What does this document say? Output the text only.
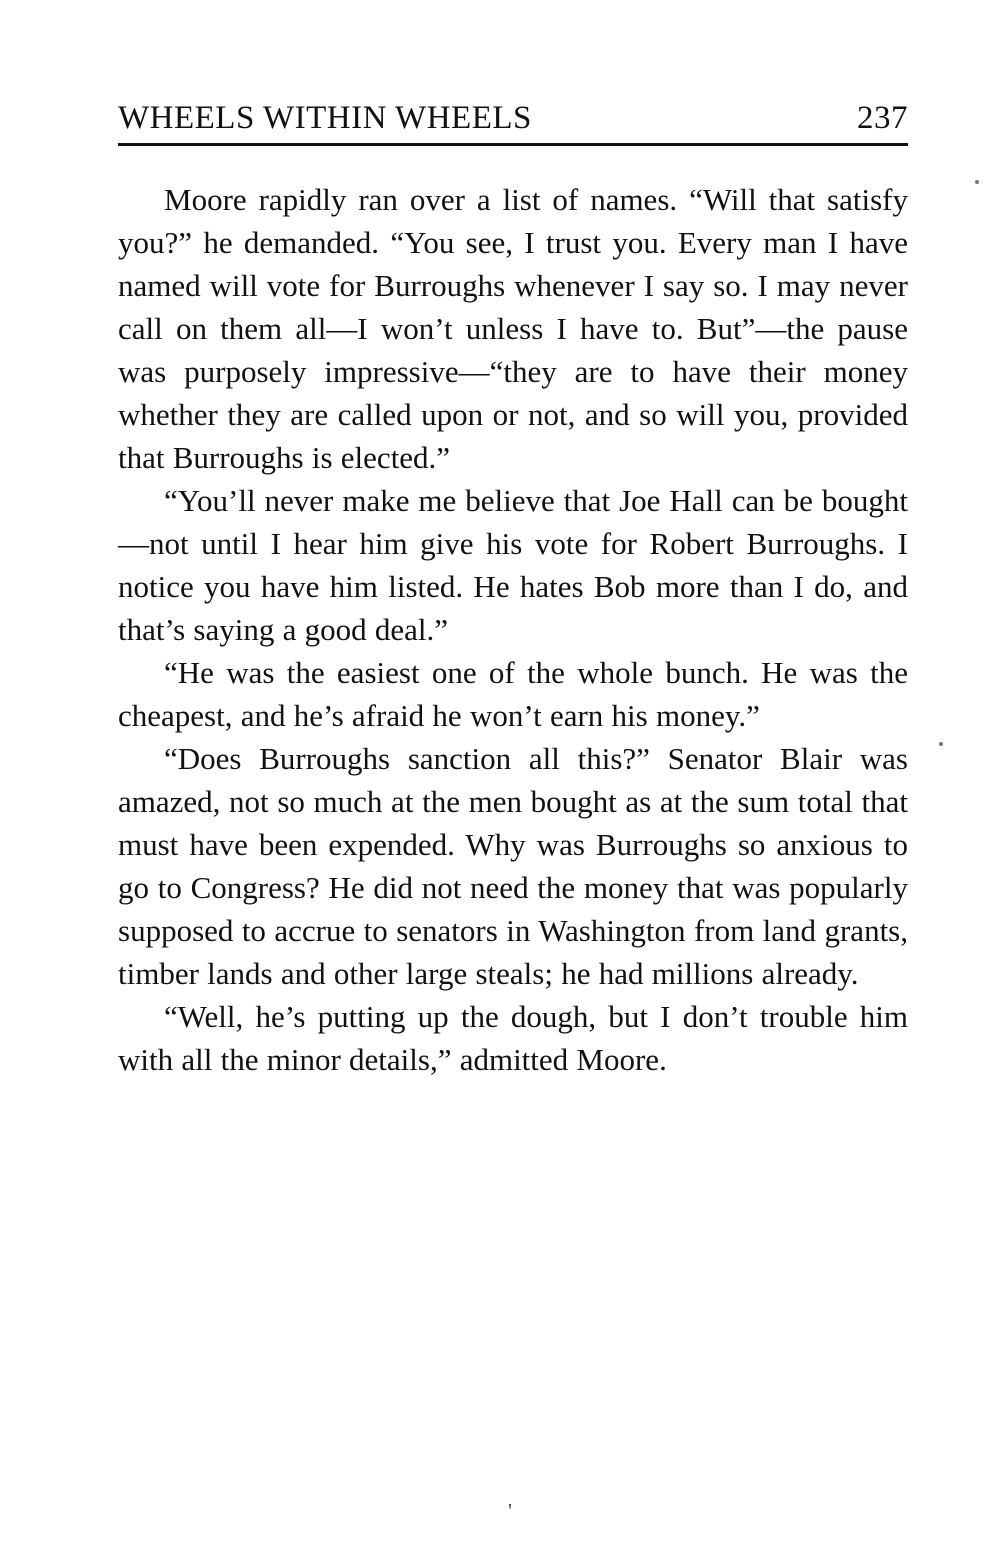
WHEELS WITHIN WHEELS	237

Moore rapidly ran over a list of names. “Will that satisfy you?” he demanded. “You see, I trust you. Every man I have named will vote for Burroughs whenever I say so. I may never call on them all—I won’t unless I have to. But”—the pause was purposely impressive—“they are to have their money whether they are called upon or not, and so will you, provided that Burroughs is elected.”

“You’ll never make me believe that Joe Hall can be bought—not until I hear him give his vote for Robert Burroughs. I notice you have him listed. He hates Bob more than I do, and that’s saying a good deal.”

“He was the easiest one of the whole bunch. He was the cheapest, and he’s afraid he won’t earn his money.”

“Does Burroughs sanction all this?” Senator Blair was amazed, not so much at the men bought as at the sum total that must have been expended. Why was Burroughs so anxious to go to Congress? He did not need the money that was popularly supposed to accrue to senators in Washington from land grants, timber lands and other large steals; he had millions already.

“Well, he’s putting up the dough, but I don’t trouble him with all the minor details,” admitted Moore.

'
